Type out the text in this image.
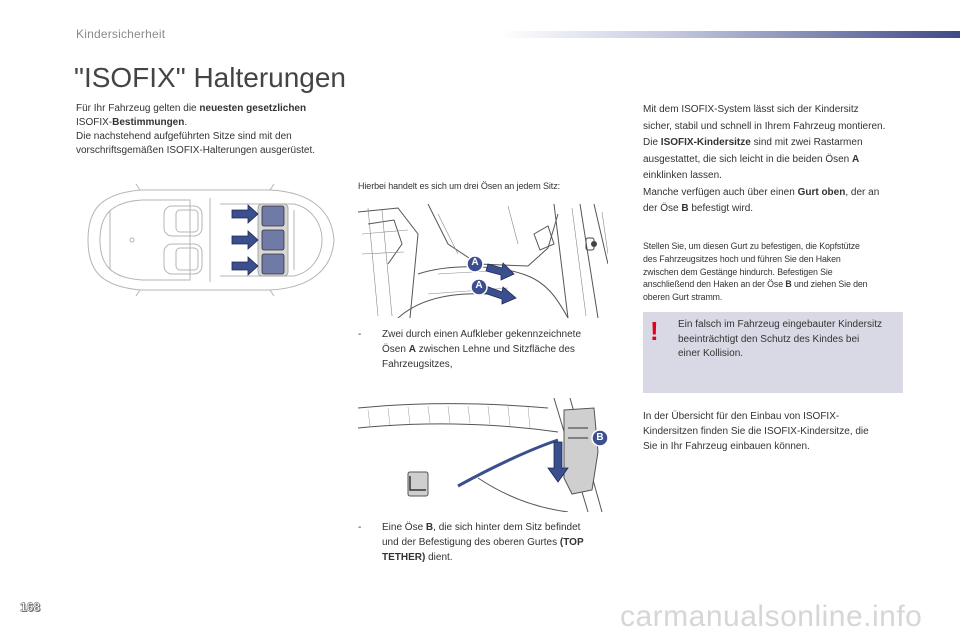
Kindersicherheit
"ISOFIX" Halterungen
Für Ihr Fahrzeug gelten die neuesten gesetzlichen
ISOFIX-Bestimmungen.
Die nachstehend aufgeführten Sitze sind mit den
vorschriftsgemäßen ISOFIX-Halterungen ausgerüstet.
Hierbei handelt es sich um drei Ösen an jedem Sitz:
A
A
- Zwei durch einen Aufkleber gekennzeichnete
Ösen A zwischen Lehne und Sitzfläche des
Fahrzeugsitzes,
B
- Eine Öse B, die sich hinter dem Sitz befindet
und der Befestigung des oberen Gurtes (TOP
TETHER) dient.
Mit dem ISOFIX-System lässt sich der Kindersitz
sicher, stabil und schnell in Ihrem Fahrzeug montieren.
Die ISOFIX-Kindersitze sind mit zwei Rastarmen
ausgestattet, die sich leicht in die beiden Ösen A
einklinken lassen.
Manche verfügen auch über einen Gurt oben, der an
der Öse B befestigt wird.
Stellen Sie, um diesen Gurt zu befestigen, die Kopfstütze
des Fahrzeugsitzes hoch und führen Sie den Haken
zwischen dem Gestänge hindurch. Befestigen Sie
anschließend den Haken an der Öse B und ziehen Sie den
oberen Gurt stramm.
! Ein falsch im Fahrzeug eingebauter Kindersitz
beeinträchtigt den Schutz des Kindes bei
einer Kollision.
In der Übersicht für den Einbau von ISOFIX-
Kindersitzen finden Sie die ISOFIX-Kindersitze, die
Sie in Ihr Fahrzeug einbauen können.
168	carmanualsonline.info
